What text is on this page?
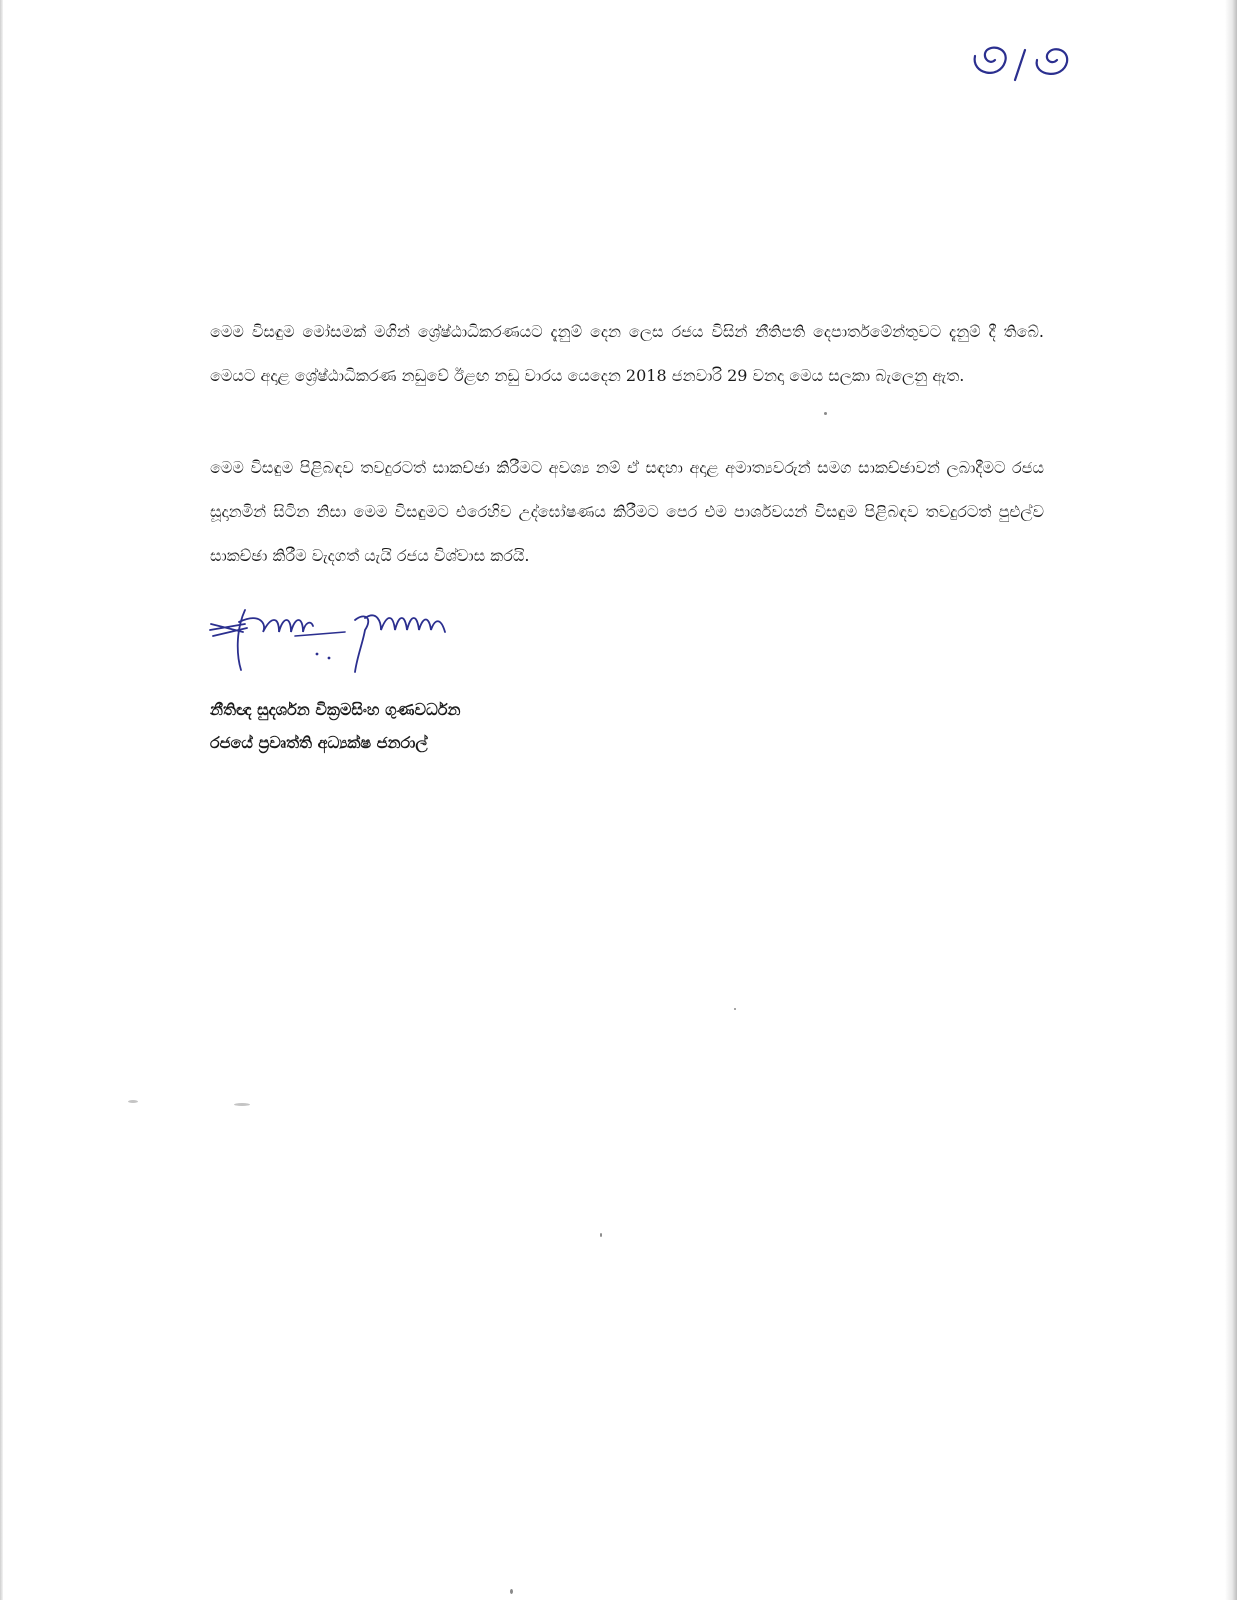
මෙම විසඳුම මෝසමක් මගින් ශ්‍රේෂ්ඨාධිකරණයට දැනුම් දෙන ලෙස රජය විසින් නීතිපති දෙපාර්තමේන්තුවට දැනුම් දී තිබේ. මෙයට අදාළ ශ්‍රේෂ්ඨාධිකරණ නඩුවේ ඊළඟ නඩු වාරය යෙදෙන 2018 ජනවාරි 29 වනදා මෙය සලකා බැලෙනු ඇත.

මෙම විසඳුම පිළිබඳව තවදුරටත් සාකච්ඡා කිරීමට අවශ්‍ය නම් ඒ සඳහා අදාළ අමාත්‍යවරුන් සමග සාකච්ඡාවන් ලබාදීමට රජය සූදානමින් සිටින නිසා මෙම විසඳුමට එරෙහිව උද්ඝෝෂණය කිරීමට පෙර එම පාර්ශවයන් විසඳුම පිළිබඳව තවදුරටත් පුළුල්ව සාකච්ඡා කිරීම වැදගත් යැයි රජය විශ්වාස කරයි.

නීතිඥ සුදර්ශන වික්‍රමසිංහ ගුණවර්ධන
රජයේ ප්‍රවෘත්ති අධ්‍යක්ෂ ජනරාල්
